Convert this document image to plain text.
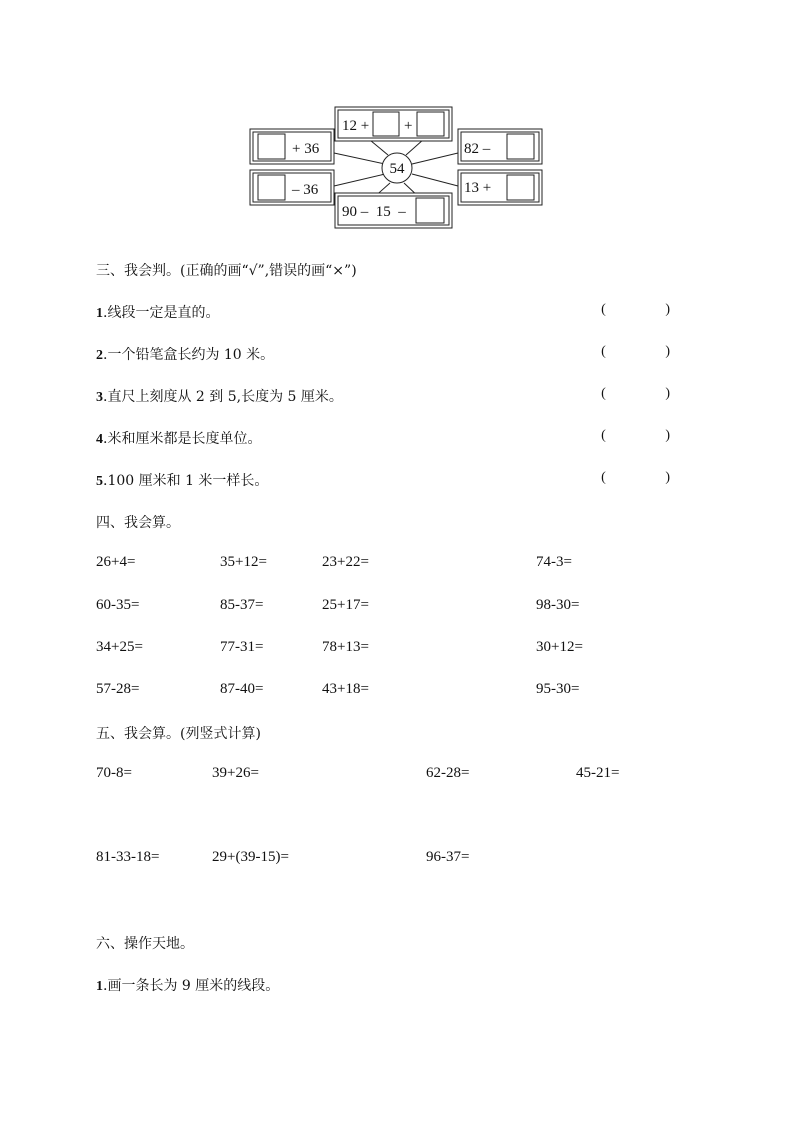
54
12 + +
+ 36
– 36
82 –
13 +
90 –  15  –
三、我会判。(正确的画“√”,错误的画“×”)
1.线段一定是直的。	( )
2.一个铅笔盒长约为 10 米。	( )
3.直尺上刻度从 2 到 5,长度为 5 厘米。	( )
4.米和厘米都是长度单位。	( )
5.100 厘米和 1 米一样长。	( )
四、我会算。
26+4=	35+12=	23+22=	74-3=
60-35=	85-37=	25+17=	98-30=
34+25=	77-31=	78+13=	30+12=
57-28=	87-40=	43+18=	95-30=
五、我会算。(列竖式计算)
70-8=	39+26=	62-28=	45-21=
81-33-18=	29+(39-15)=	96-37=
六、操作天地。
1.画一条长为 9 厘米的线段。
